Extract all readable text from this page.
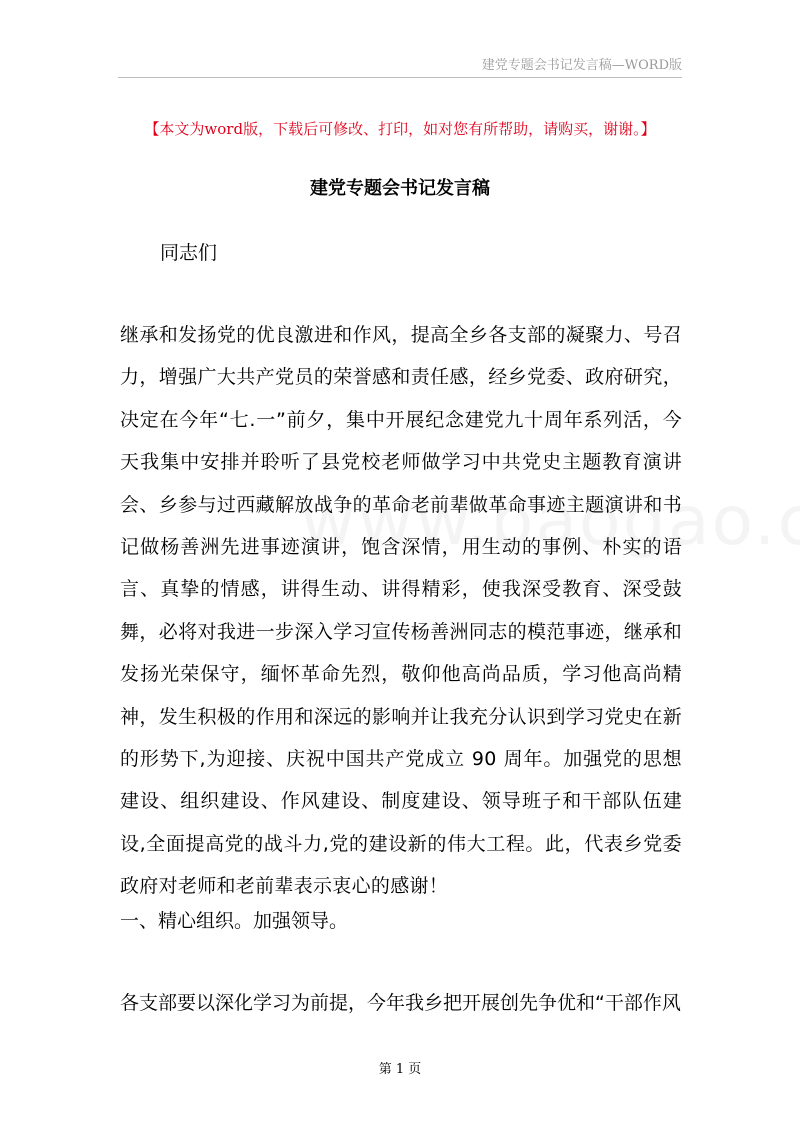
建党专题会书记发言稿—WORD版
【本文为word版，下载后可修改、打印，如对您有所帮助，请购买，谢谢。】
建党专题会书记发言稿
同志们

继承和发扬党的优良激进和作风，提高全乡各支部的凝聚力、号召力，增强广大共产党员的荣誉感和责任感，经乡党委、政府研究，决定在今年“七.一”前夕，集中开展纪念建党九十周年系列活，今天我集中安排并聆听了县党校老师做学习中共党史主题教育演讲会、乡参与过西藏解放战争的革命老前辈做革命事迹主题演讲和书记做杨善洲先进事迹演讲，饱含深情，用生动的事例、朴实的语言、真挚的情感，讲得生动、讲得精彩，使我深受教育、深受鼓舞，必将对我进一步深入学习宣传杨善洲同志的模范事迹，继承和发扬光荣保守，缅怀革命先烈，敬仰他高尚品质，学习他高尚精神，发生积极的作用和深远的影响并让我充分认识到学习党史在新的形势下,为迎接、庆祝中国共产党成立 90 周年。加强党的思想建设、组织建设、作风建设、制度建设、领导班子和干部队伍建设,全面提高党的战斗力,党的建设新的伟大工程。此，代表乡党委政府对老师和老前辈表示衷心的感谢！

一、精心组织。加强领导。
各支部要以深化学习为前提，今年我乡把开展创先争优和“干部作风
第 1 页
